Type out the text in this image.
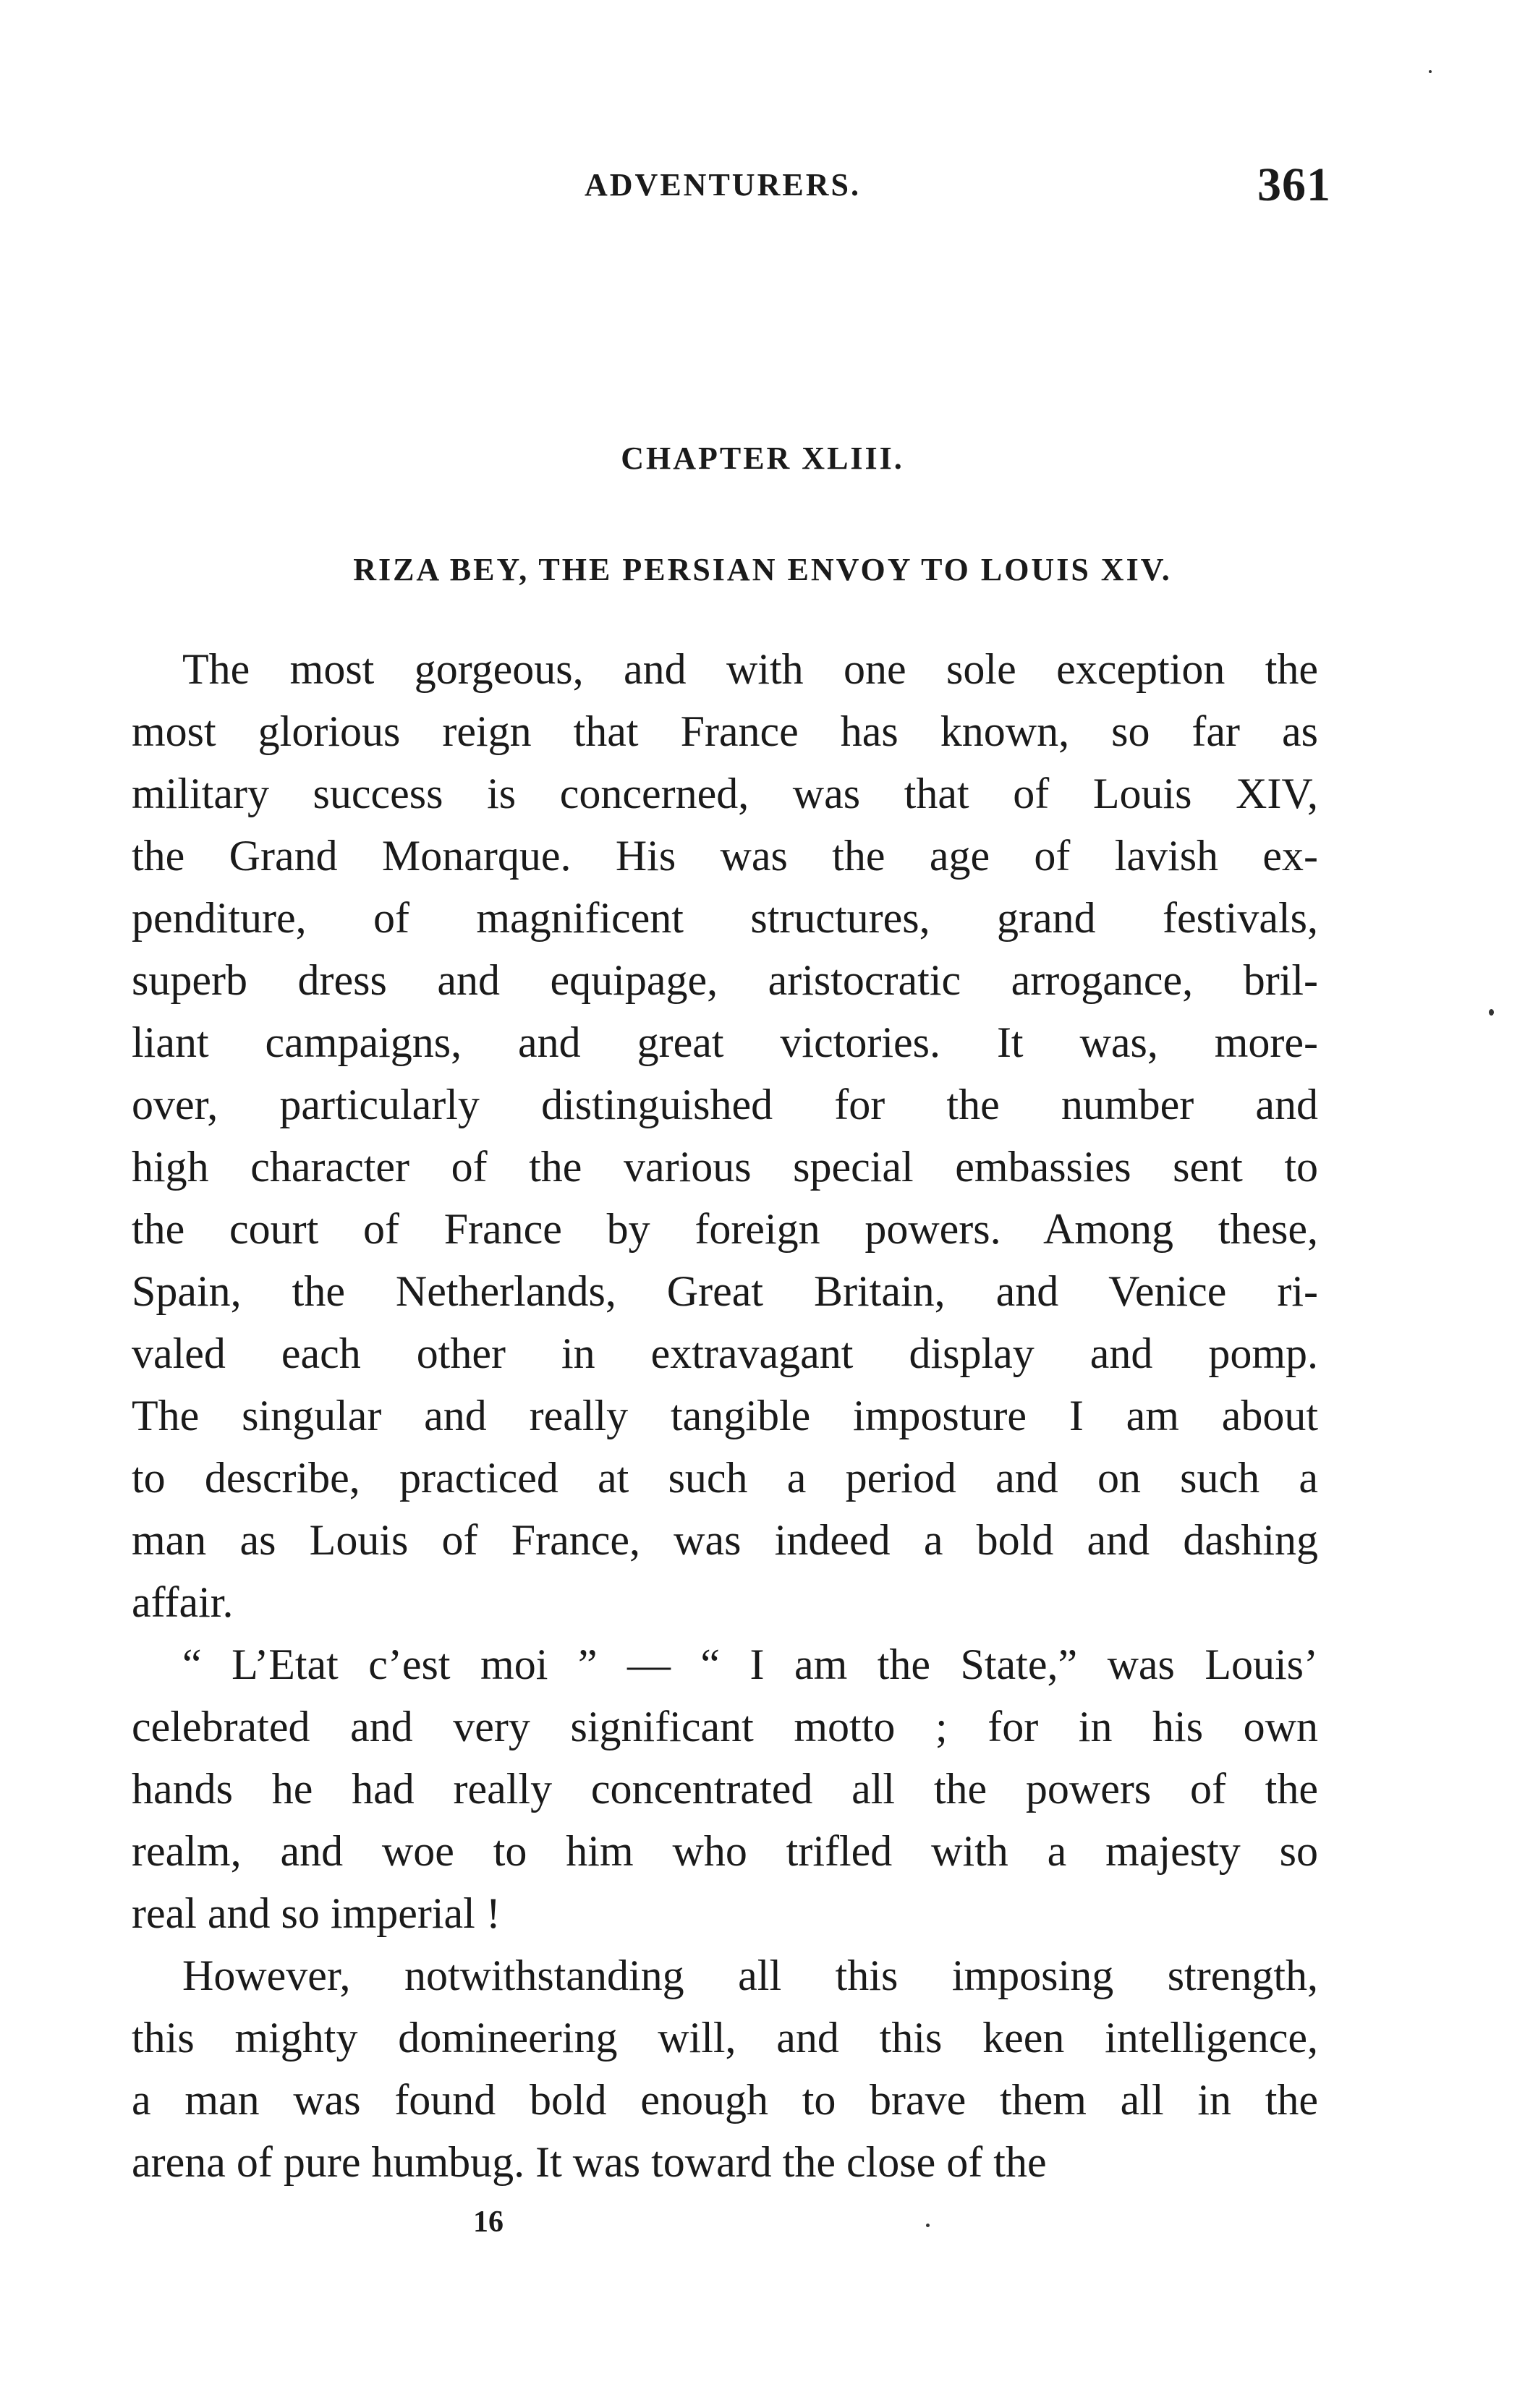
ADVENTURERS.	361
CHAPTER XLIII.
RIZA BEY, THE PERSIAN ENVOY TO LOUIS XIV.
The most gorgeous, and with one sole exception the
most glorious reign that France has known, so far as
military success is concerned, was that of Louis XIV,
the Grand Monarque. His was the age of lavish ex-
penditure, of magnificent structures, grand festivals,
superb dress and equipage, aristocratic arrogance, bril-
liant campaigns, and great victories. It was, more-
over, particularly distinguished for the number and
high character of the various special embassies sent to
the court of France by foreign powers. Among these,
Spain, the Netherlands, Great Britain, and Venice ri-
valed each other in extravagant display and pomp.
The singular and really tangible imposture I am about
to describe, practiced at such a period and on such a
man as Louis of France, was indeed a bold and dashing
affair.
“ L’Etat c’est moi ” — “ I am the State,” was Louis’
celebrated and very significant motto ; for in his own
hands he had really concentrated all the powers of the
realm, and woe to him who trifled with a majesty so
real and so imperial !
However, notwithstanding all this imposing strength,
this mighty domineering will, and this keen intelligence,
a man was found bold enough to brave them all in the
arena of pure humbug. It was toward the close of the
16
